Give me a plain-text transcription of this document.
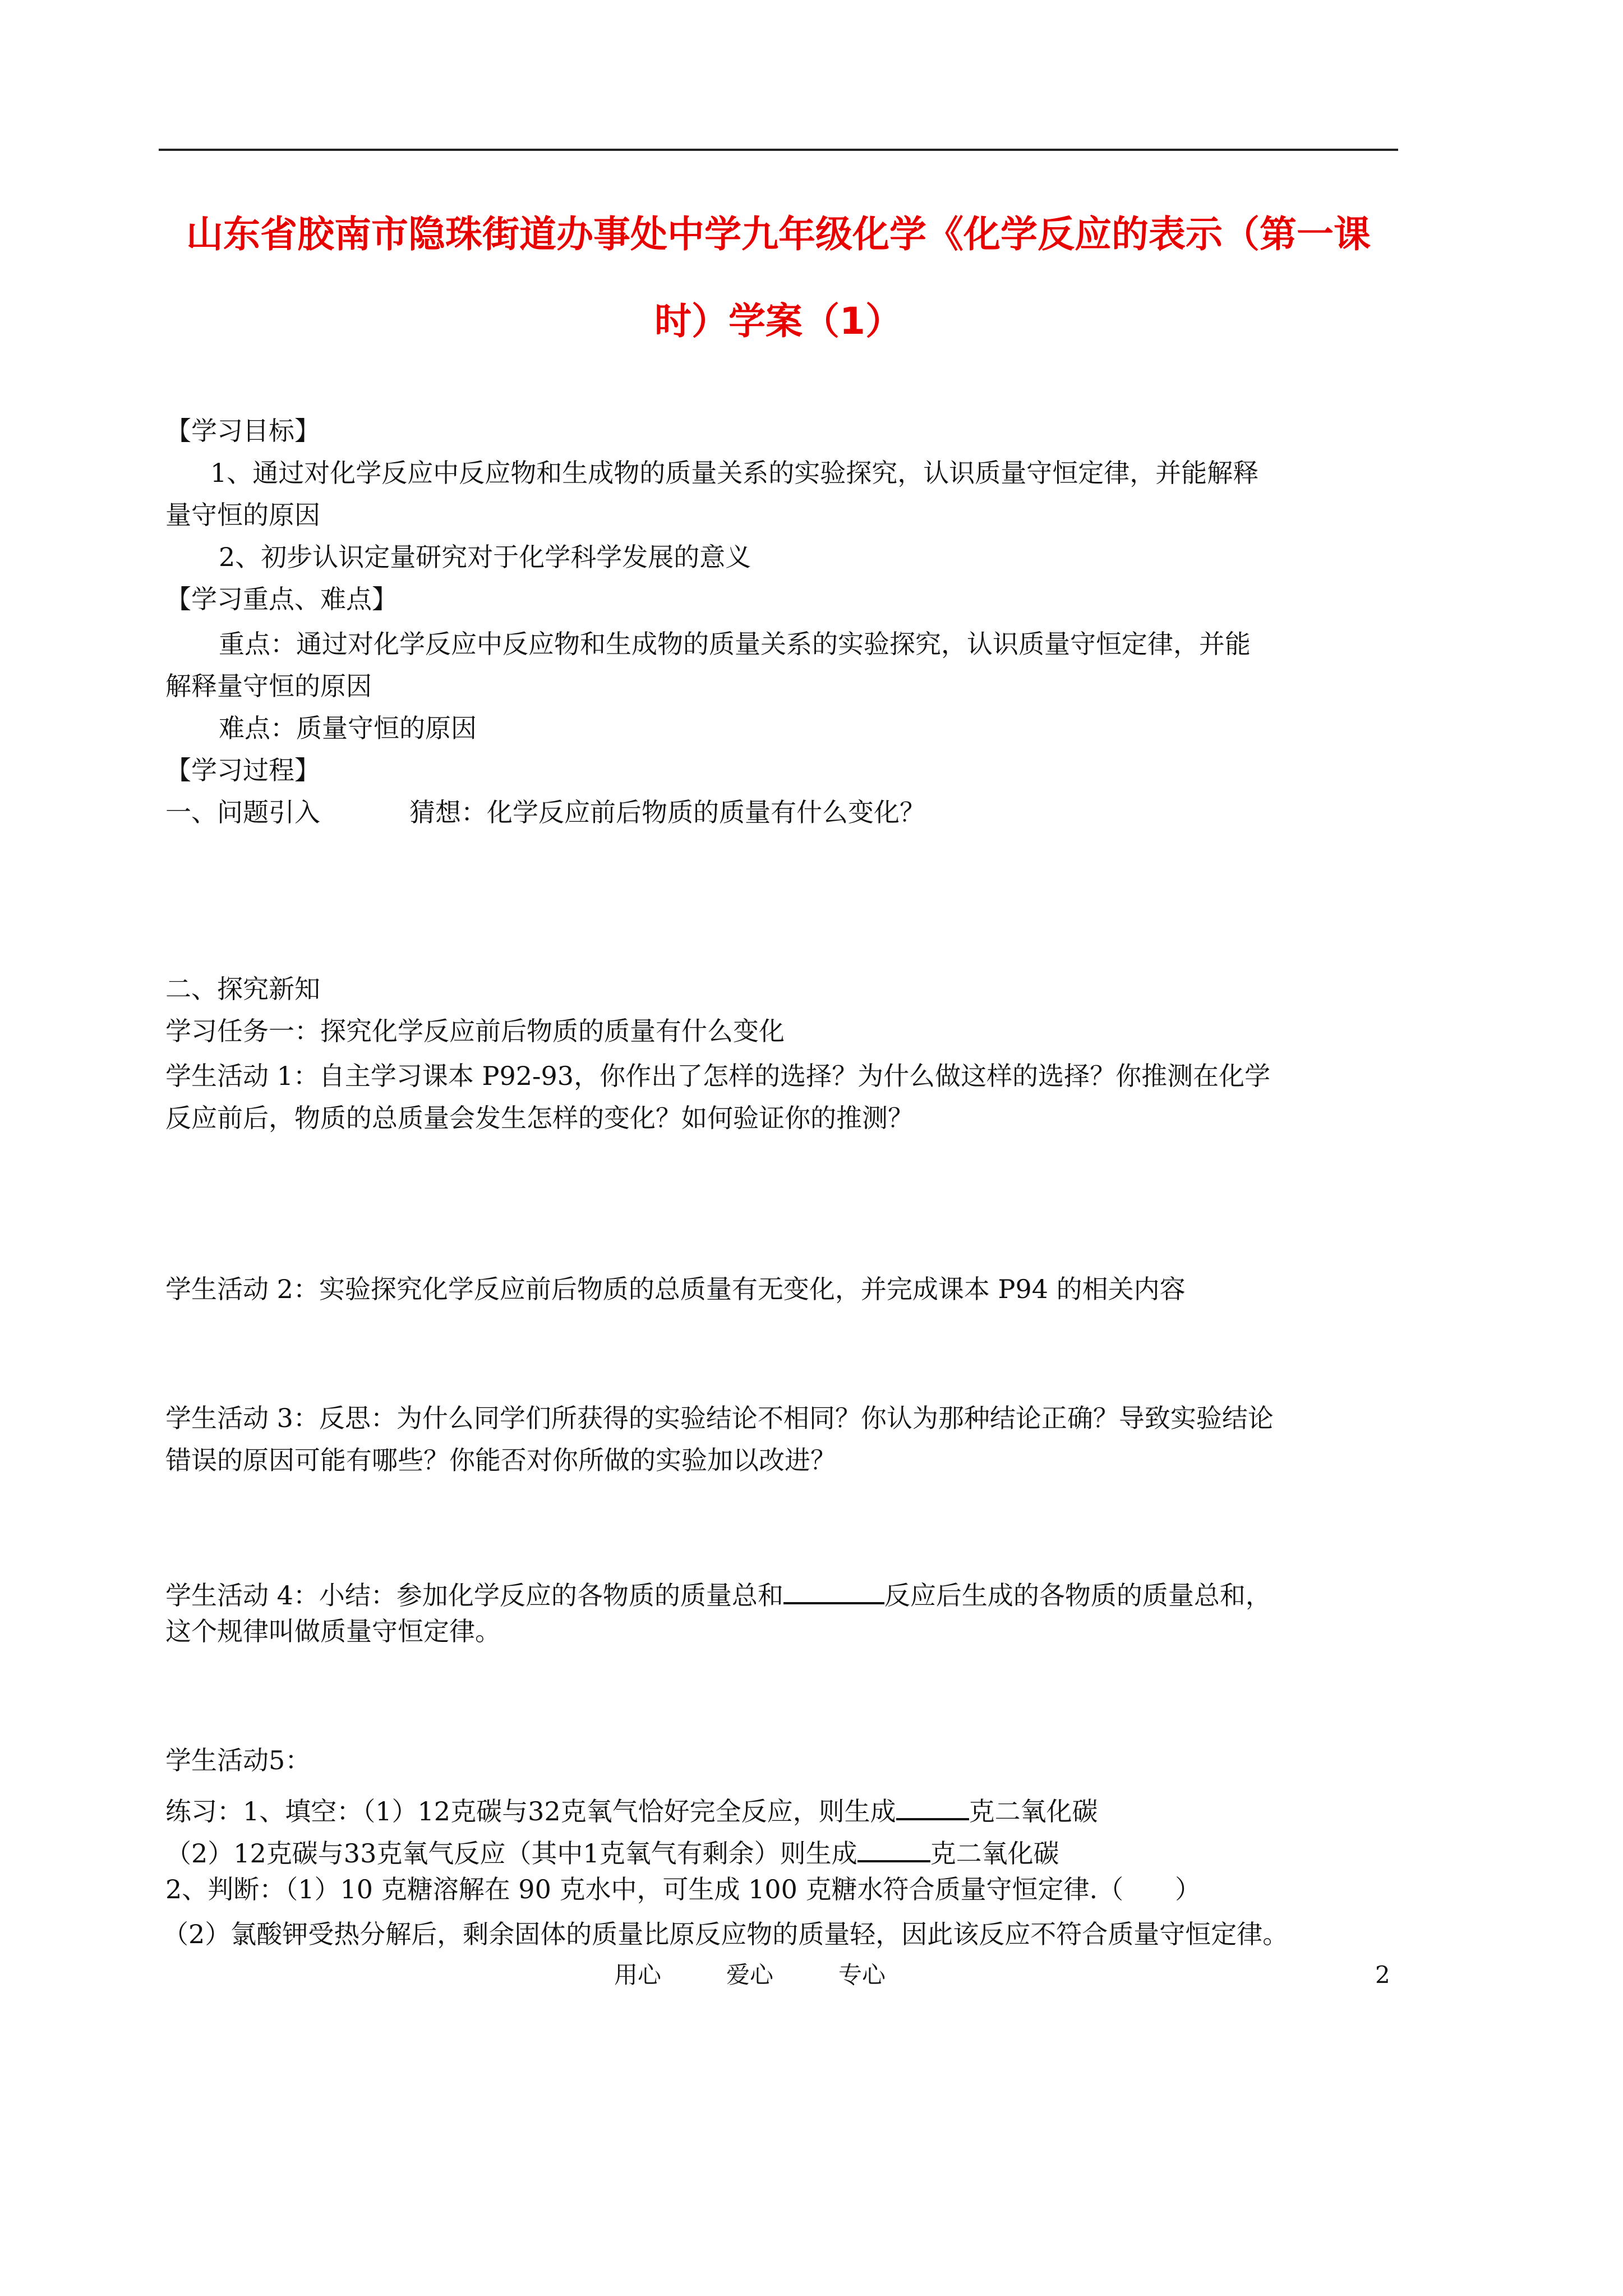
山东省胶南市隐珠街道办事处中学九年级化学《化学反应的表示（第一课
时）学案（1）
【学习目标】
1、通过对化学反应中反应物和生成物的质量关系的实验探究，认识质量守恒定律，并能解释
量守恒的原因
2、初步认识定量研究对于化学科学发展的意义
【学习重点、难点】
重点：通过对化学反应中反应物和生成物的质量关系的实验探究，认识质量守恒定律，并能
解释量守恒的原因
难点：质量守恒的原因
【学习过程】
一、问题引入	猜想：化学反应前后物质的质量有什么变化？
二、探究新知
学习任务一：探究化学反应前后物质的质量有什么变化
学生活动 1：自主学习课本 P92-93，你作出了怎样的选择？为什么做这样的选择？你推测在化学
反应前后，物质的总质量会发生怎样的变化？如何验证你的推测？
学生活动 2：实验探究化学反应前后物质的总质量有无变化，并完成课本 P94 的相关内容
学生活动 3：反思：为什么同学们所获得的实验结论不相同？你认为那种结论正确？导致实验结论
错误的原因可能有哪些？你能否对你所做的实验加以改进？
学生活动 4：小结：参加化学反应的各物质的质量总和	反应后生成的各物质的质量总和，
这个规律叫做质量守恒定律。
学生活动5：
练习：1、填空：（1）12克碳与32克氧气恰好完全反应，则生成	克二氧化碳
（2）12克碳与33克氧气反应（其中1克氧气有剩余）则生成	克二氧化碳
2、判断：（1）10 克糖溶解在 90 克水中，可生成 100 克糖水符合质量守恒定律.（　　）
（2）氯酸钾受热分解后，剩余固体的质量比原反应物的质量轻，因此该反应不符合质量守恒定律。
用心	爱心	专心	2
